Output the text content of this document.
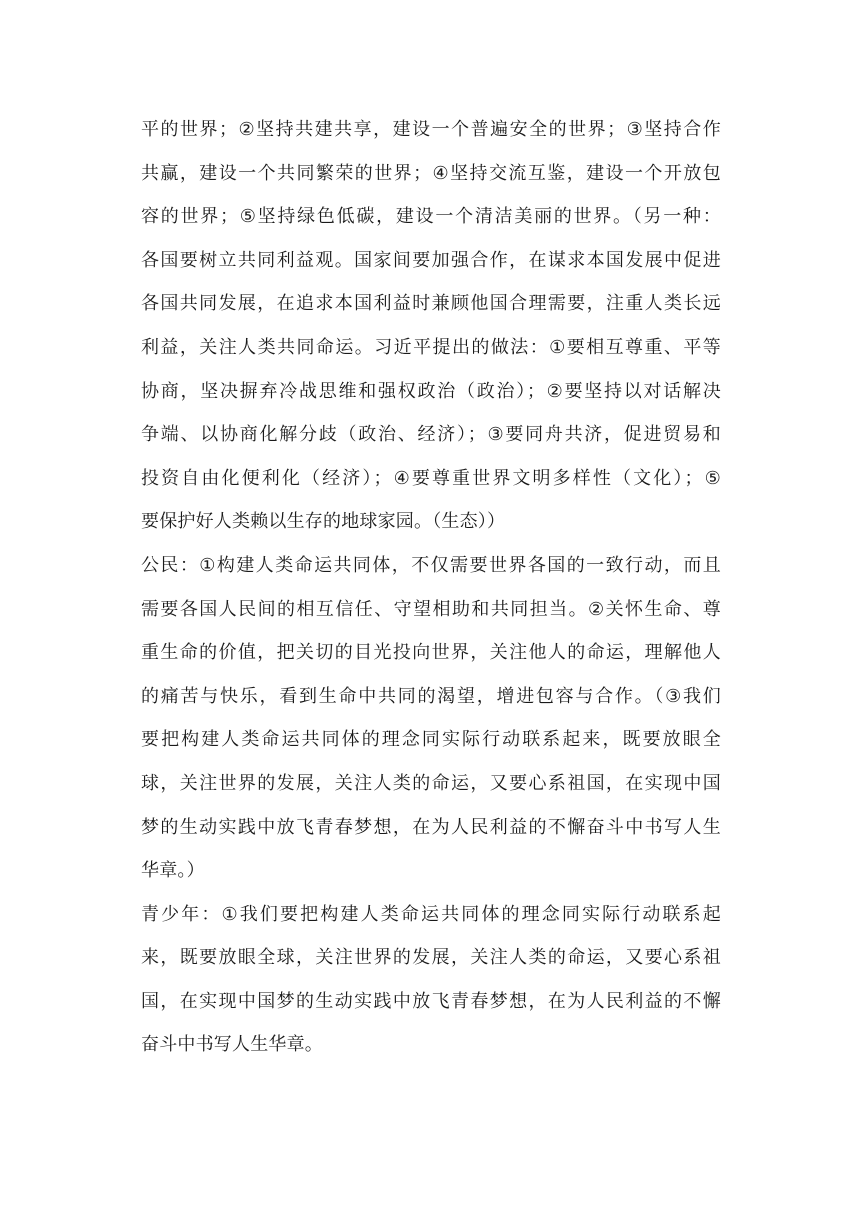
平的世界；②坚持共建共享，建设一个普遍安全的世界；③坚持合作
共赢，建设一个共同繁荣的世界；④坚持交流互鉴，建设一个开放包
容的世界；⑤坚持绿色低碳，建设一个清洁美丽的世界。（另一种：
各国要树立共同利益观。国家间要加强合作，在谋求本国发展中促进
各国共同发展，在追求本国利益时兼顾他国合理需要，注重人类长远
利益，关注人类共同命运。习近平提出的做法：①要相互尊重、平等
协商，坚决摒弃冷战思维和强权政治（政治）；②要坚持以对话解决
争端、以协商化解分歧（政治、经济）；③要同舟共济，促进贸易和
投资自由化便利化（经济）；④要尊重世界文明多样性（文化）；⑤
要保护好人类赖以生存的地球家园。（生态））
公民：①构建人类命运共同体，不仅需要世界各国的一致行动，而且
需要各国人民间的相互信任、守望相助和共同担当。②关怀生命、尊
重生命的价值，把关切的目光投向世界，关注他人的命运，理解他人
的痛苦与快乐，看到生命中共同的渴望，增进包容与合作。（③我们
要把构建人类命运共同体的理念同实际行动联系起来，既要放眼全
球，关注世界的发展，关注人类的命运，又要心系祖国，在实现中国
梦的生动实践中放飞青春梦想，在为人民利益的不懈奋斗中书写人生
华章。）
青少年：①我们要把构建人类命运共同体的理念同实际行动联系起
来，既要放眼全球，关注世界的发展，关注人类的命运，又要心系祖
国，在实现中国梦的生动实践中放飞青春梦想，在为人民利益的不懈
奋斗中书写人生华章。
